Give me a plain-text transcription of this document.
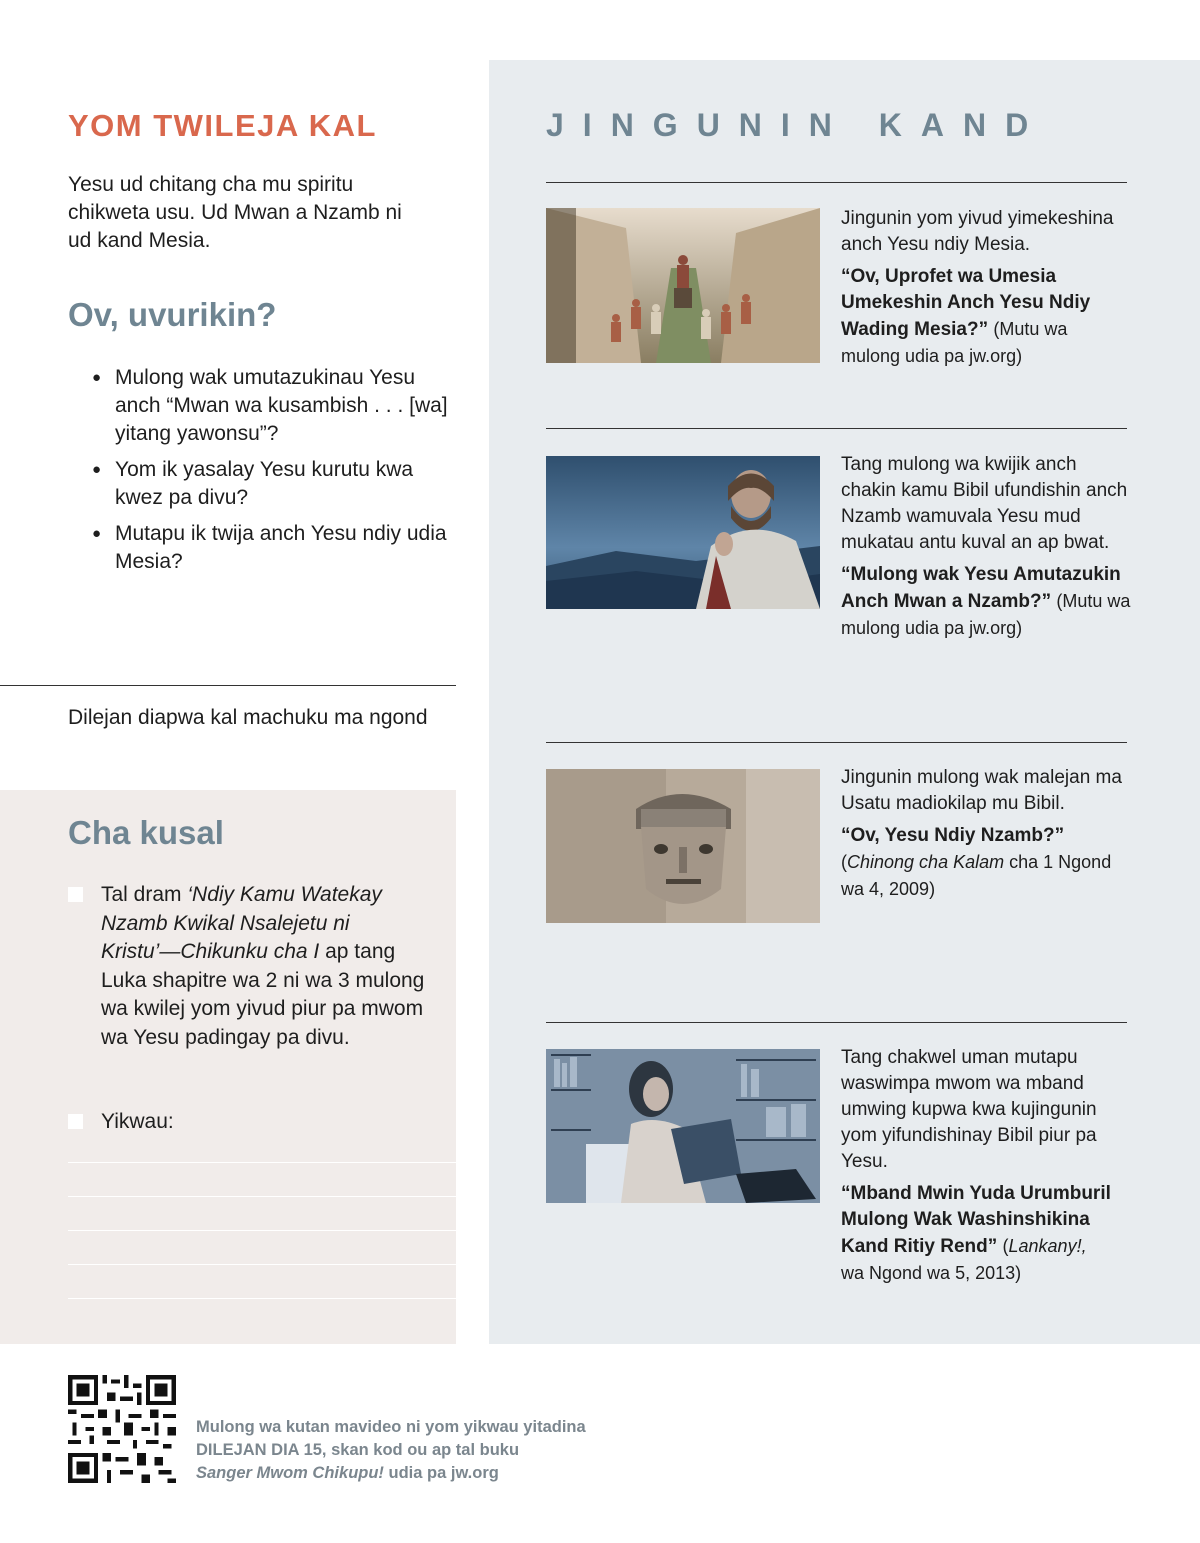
YOM TWILEJA KAL

Yesu ud chitang cha mu spiritu chikweta usu. Ud Mwan a Nzamb ni ud kand Mesia.

Ov, uvurikin?
● Mulong wak umutazukinau Yesu anch “Mwan wa kusambish . . . [wa] yitang yawonsu”?
● Yom ik yasalay Yesu kurutu kwa kwez pa divu?
● Mutapu ik twija anch Yesu ndiy udia Mesia?

Dilejan diapwa kal machuku ma ngond

Cha kusal
Tal dram ‘Ndiy Kamu Watekay Nzamb Kwikal Nsalejetu ni Kristu’—Chikunku cha I ap tang Luka shapitre wa 2 ni wa 3 mulong wa kwilej yom yivud piur pa mwom wa Yesu padingay pa divu.
Yikwau:
JINGUNIN KAND

Jingunin yom yivud yimekeshina anch Yesu ndiy Mesia.

“Ov, Uprofet wa Umesia Umekeshin Anch Yesu Ndiy Wading Mesia?” (Mutu wa mulong udia pa jw.org)

Tang mulong wa kwijik anch chakin kamu Bibil ufundishin anch Nzamb wamuvala Yesu mud mukatau antu kuval an ap bwat.

“Mulong wak Yesu Amutazukin Anch Mwan a Nzamb?” (Mutu wa mulong udia pa jw.org)

Jingunin mulong wak malejan ma Usatu madiokilap mu Bibil.

“Ov, Yesu Ndiy Nzamb?” (Chinong cha Kalam cha 1 Ngond wa 4, 2009)

Tang chakwel uman mutapu waswimpa mwom wa mband umwing kupwa kwa kujingunin yom yifundishinay Bibil piur pa Yesu.

“Mband Mwin Yuda Urumburil Mulong Wak Washinshikina Kand Ritiy Rend” (Lankany!,
wa Ngond wa 5, 2013)

Mulong wa kutan mavideo ni yom yikwau yitadina
DILEJAN DIA 15, skan kod ou ap tal buku
Sanger Mwom Chikupu! udia pa jw.org
